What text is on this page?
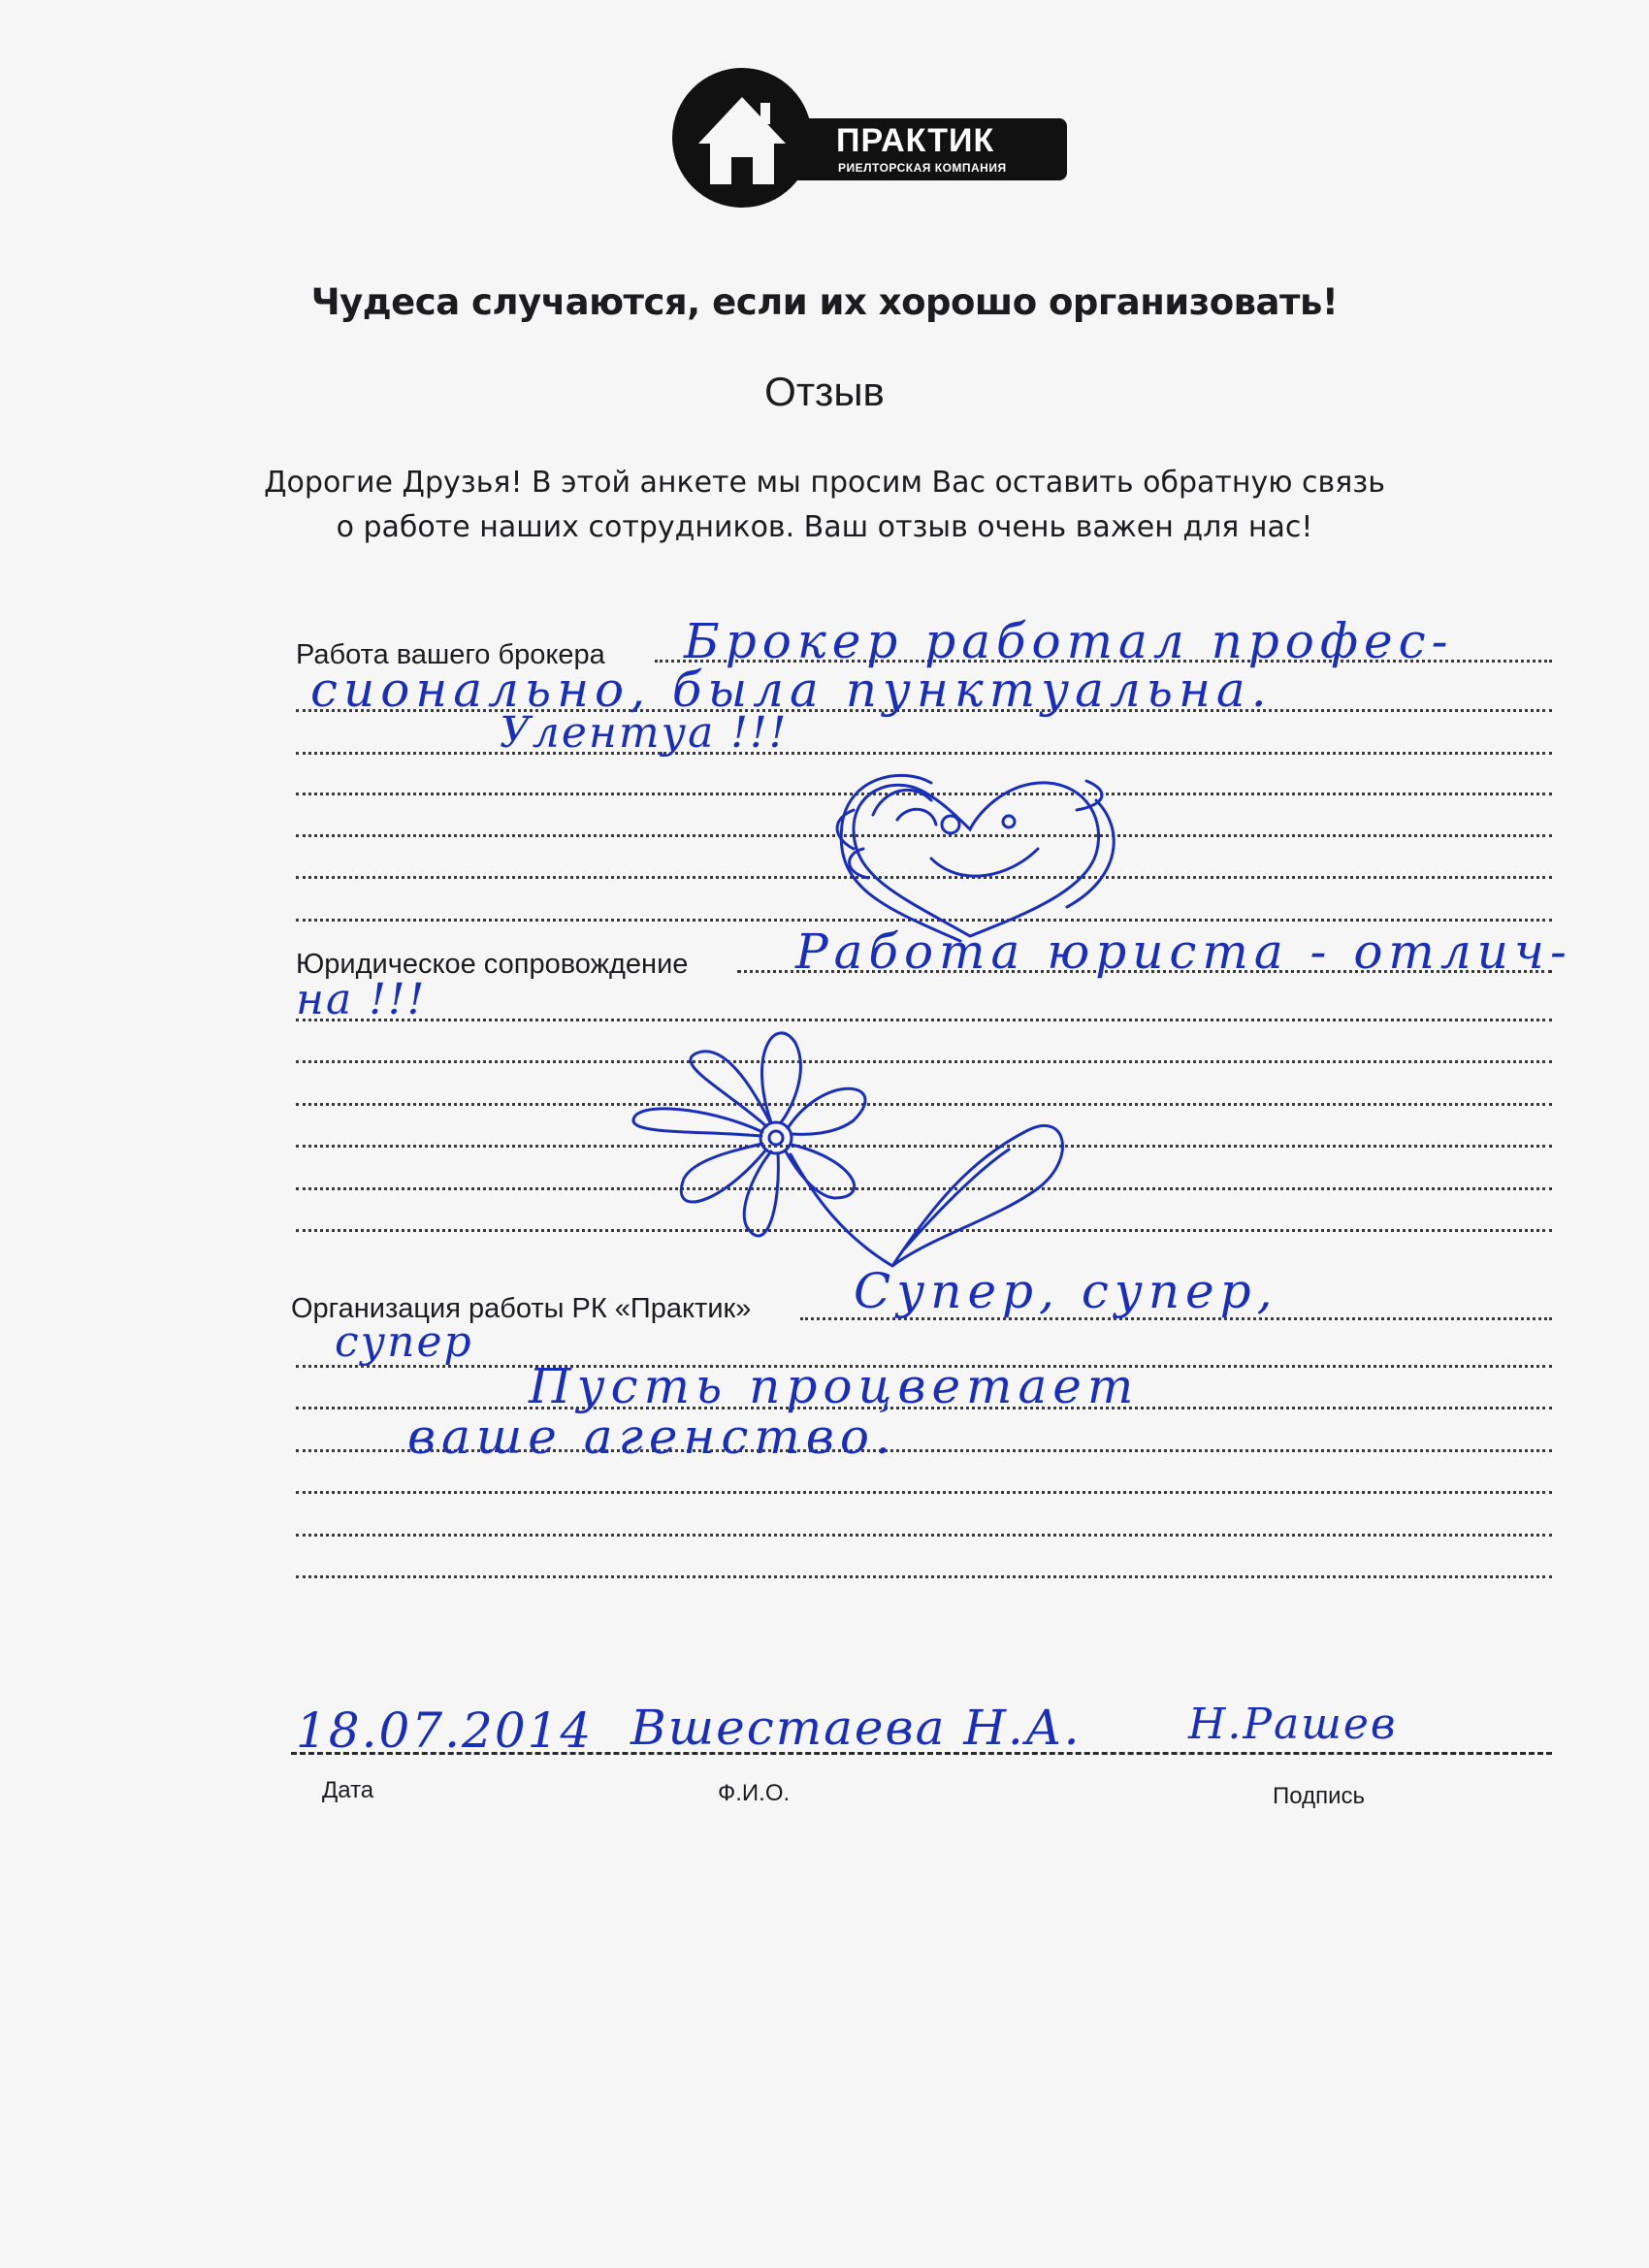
ПРАКТИК
РИЕЛТОРСКАЯ КОМПАНИЯ
Чудеса случаются, если их хорошо организовать!
Отзыв
Дорогие Друзья! В этой анкете мы просим Вас оставить обратную связь
о работе наших сотрудников. Ваш отзыв очень важен для нас!
Работа вашего брокера Брокер работал профес-
сионально, была пунктуальна.
Улентуа !!!
Юридическое сопровождение Работа юриста - отлич-
на !!!
Организация работы РК «Практик» Супер, супер,
супер
Пусть процветает
ваше агенство.
18.07.2014 Вшестаева Н.А.	Н.Рашев
Дата	Ф.И.О.	Подпись
